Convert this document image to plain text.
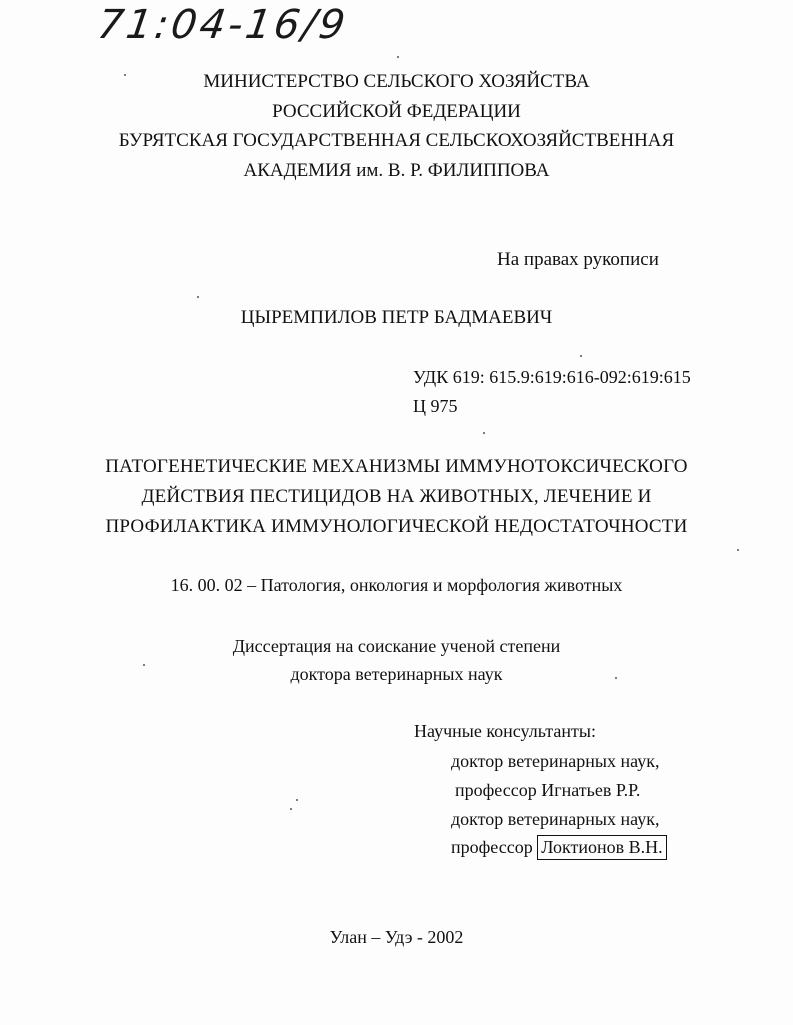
71:04-16/9
МИНИСТЕРСТВО СЕЛЬСКОГО ХОЗЯЙСТВА
РОССИЙСКОЙ ФЕДЕРАЦИИ
БУРЯТСКАЯ ГОСУДАРСТВЕННАЯ СЕЛЬСКОХОЗЯЙСТВЕННАЯ
АКАДЕМИЯ им. В. Р. ФИЛИППОВА
На правах рукописи
ЦЫРЕМПИЛОВ ПЕТР БАДМАЕВИЧ
УДК 619: 615.9:619:616-092:619:615
Ц 975
ПАТОГЕНЕТИЧЕСКИЕ МЕХАНИЗМЫ ИММУНОТОКСИЧЕСКОГО
ДЕЙСТВИЯ ПЕСТИЦИДОВ НА ЖИВОТНЫХ, ЛЕЧЕНИЕ И
ПРОФИЛАКТИКА ИММУНОЛОГИЧЕСКОЙ НЕДОСТАТОЧНОСТИ
16. 00. 02 – Патология, онкология и морфология животных
Диссертация на соискание ученой степени
доктора ветеринарных наук
Научные консультанты:
доктор ветеринарных наук,
профессор Игнатьев Р.Р.
доктор ветеринарных наук,
профессор Локтионов В.Н.
Улан – Удэ - 2002
